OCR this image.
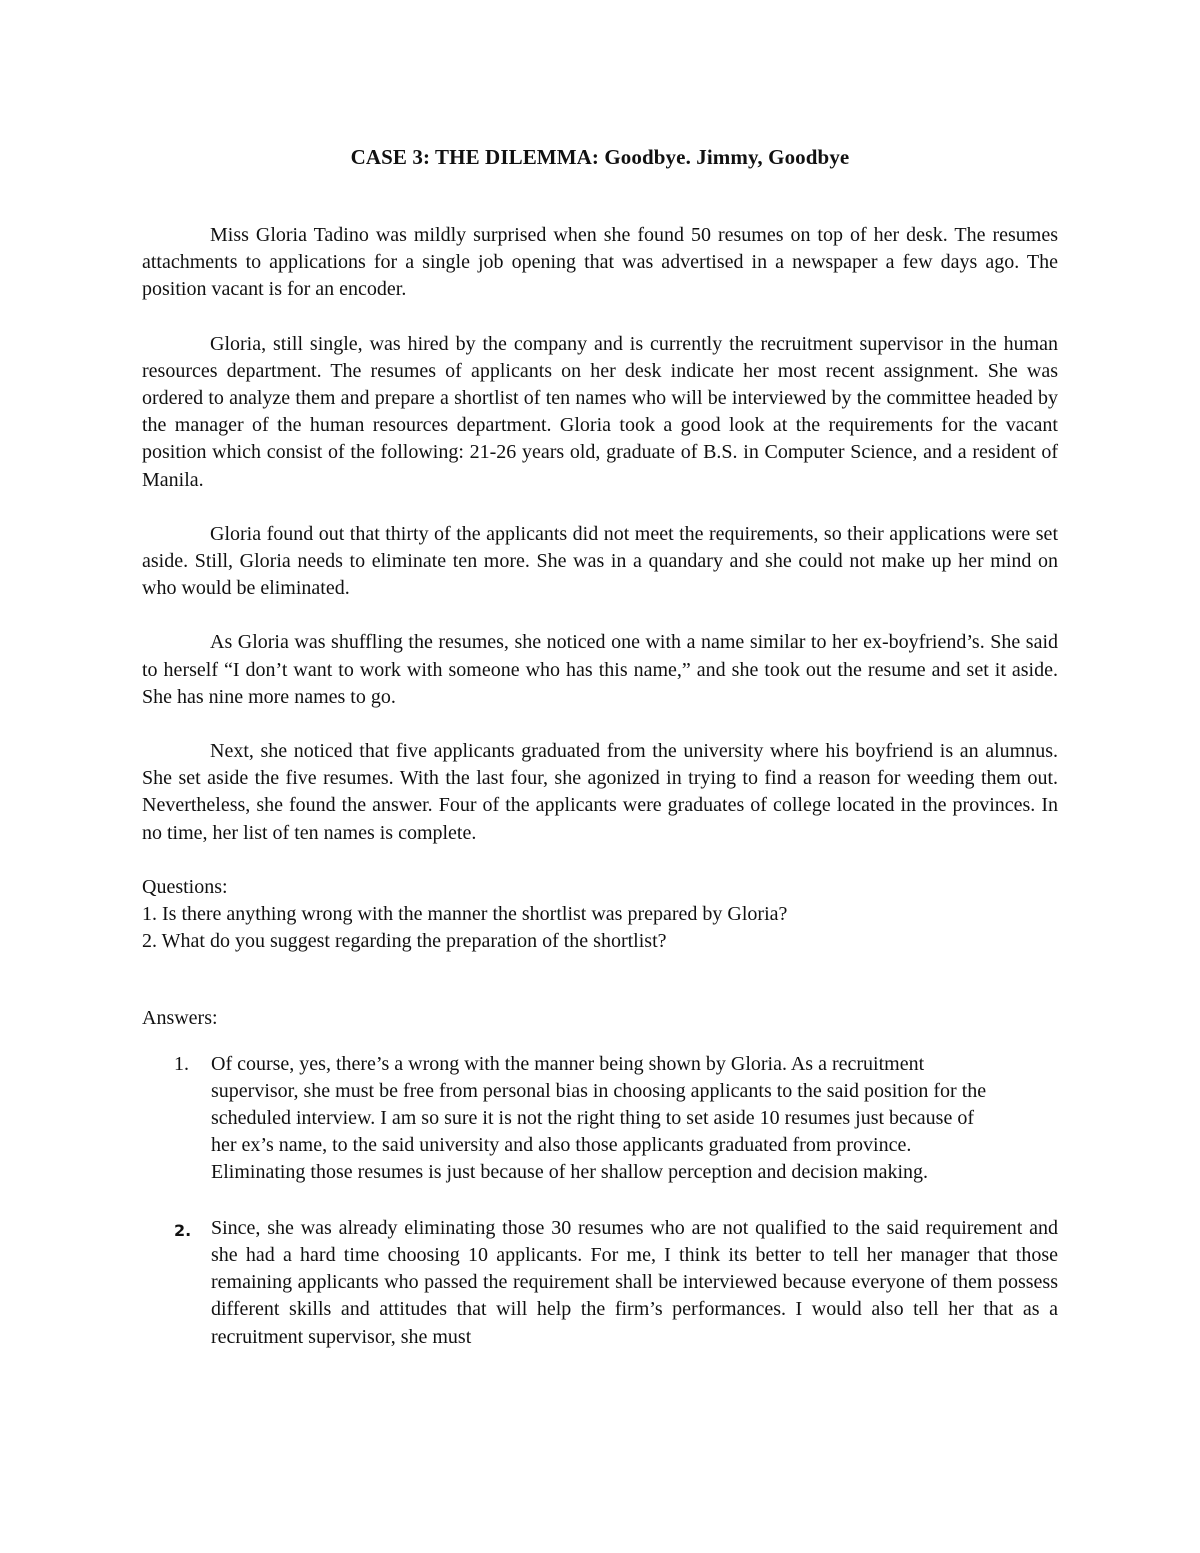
CASE 3: THE DILEMMA: Goodbye. Jimmy, Goodbye

Miss Gloria Tadino was mildly surprised when she found 50 resumes on top of her desk. The resumes attachments to applications for a single job opening that was advertised in a newspaper a few days ago. The position vacant is for an encoder.

Gloria, still single, was hired by the company and is currently the recruitment supervisor in the human resources department. The resumes of applicants on her desk indicate her most recent assignment. She was ordered to analyze them and prepare a shortlist of ten names who will be interviewed by the committee headed by the manager of the human resources department. Gloria took a good look at the requirements for the vacant position which consist of the following: 21-26 years old, graduate of B.S. in Computer Science, and a resident of Manila.

Gloria found out that thirty of the applicants did not meet the requirements, so their applications were set aside. Still, Gloria needs to eliminate ten more. She was in a quandary and she could not make up her mind on who would be eliminated.

As Gloria was shuffling the resumes, she noticed one with a name similar to her ex-boyfriend’s. She said to herself “I don’t want to work with someone who has this name,” and she took out the resume and set it aside. She has nine more names to go.

Next, she noticed that five applicants graduated from the university where his boyfriend is an alumnus. She set aside the five resumes. With the last four, she agonized in trying to find a reason for weeding them out. Nevertheless, she found the answer. Four of the applicants were graduates of college located in the provinces. In no time, her list of ten names is complete.

Questions:

1. Is there anything wrong with the manner the shortlist was prepared by Gloria?

2. What do you suggest regarding the preparation of the shortlist?

Answers:

1.	Of course, yes, there’s a wrong with the manner being shown by Gloria. As a recruitment supervisor, she must be free from personal bias in choosing applicants to the said position for the scheduled interview. I am so sure it is not the right thing to set aside 10 resumes just because of her ex’s name, to the said university and also those applicants graduated from province. Eliminating those resumes is just because of her shallow perception and decision making.
2. Since, she was already eliminating those 30 resumes who are not qualified to the said requirement and she had a hard time choosing 10 applicants. For me, I think its better to tell her manager that those remaining applicants who passed the requirement shall be interviewed because everyone of them possess different skills and attitudes that will help the firm’s performances. I would also tell her that as a recruitment supervisor, she must
